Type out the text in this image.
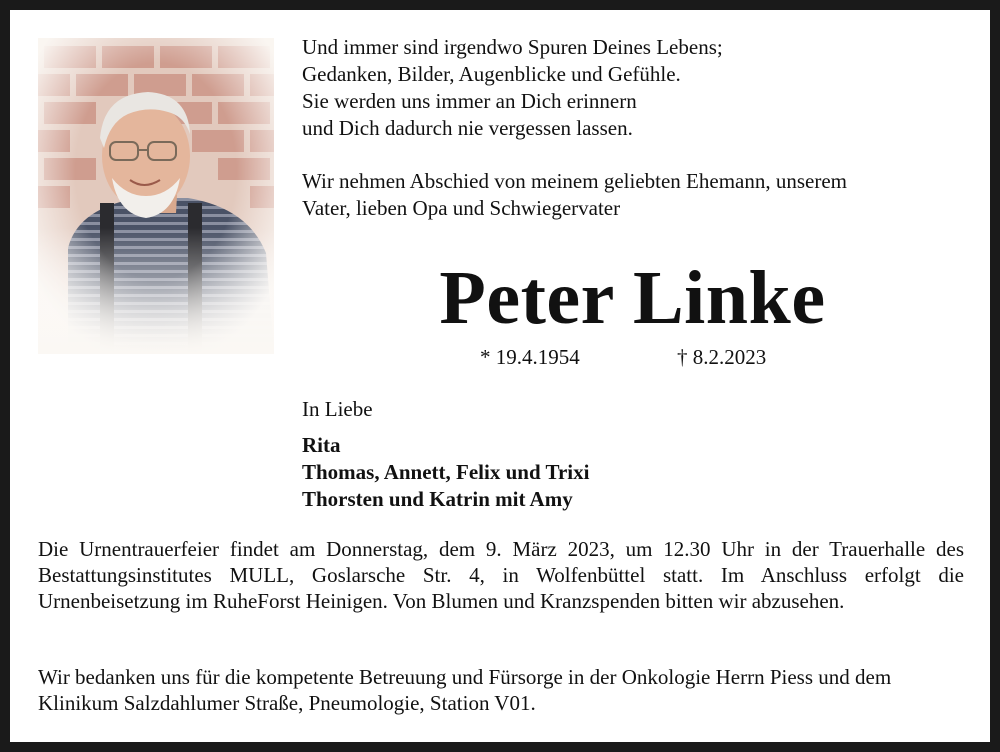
Und immer sind irgendwo Spuren Deines Lebens;
Gedanken, Bilder, Augenblicke und Gefühle.
Sie werden uns immer an Dich erinnern
und Dich dadurch nie vergessen lassen.
Wir nehmen Abschied von meinem geliebten Ehemann, unserem
Vater, lieben Opa und Schwiegervater
Peter Linke
* 19.4.1954	† 8.2.2023
In Liebe
Rita
Thomas, Annett, Felix und Trixi
Thorsten und Katrin mit Amy
Die Urnentrauerfeier findet am Donnerstag, dem 9. März 2023, um 12.30 Uhr in der Trauerhalle des Bestattungsinstitutes MULL, Goslarsche Str. 4, in Wolfenbüttel statt. Im Anschluss erfolgt die Urnenbeisetzung im RuheForst Heinigen. Von Blumen und Kranzspenden bitten wir abzusehen.
Wir bedanken uns für die kompetente Betreuung und Fürsorge in der Onkologie Herrn Piess und dem Klinikum Salzdahlumer Straße, Pneumologie, Station V01.
